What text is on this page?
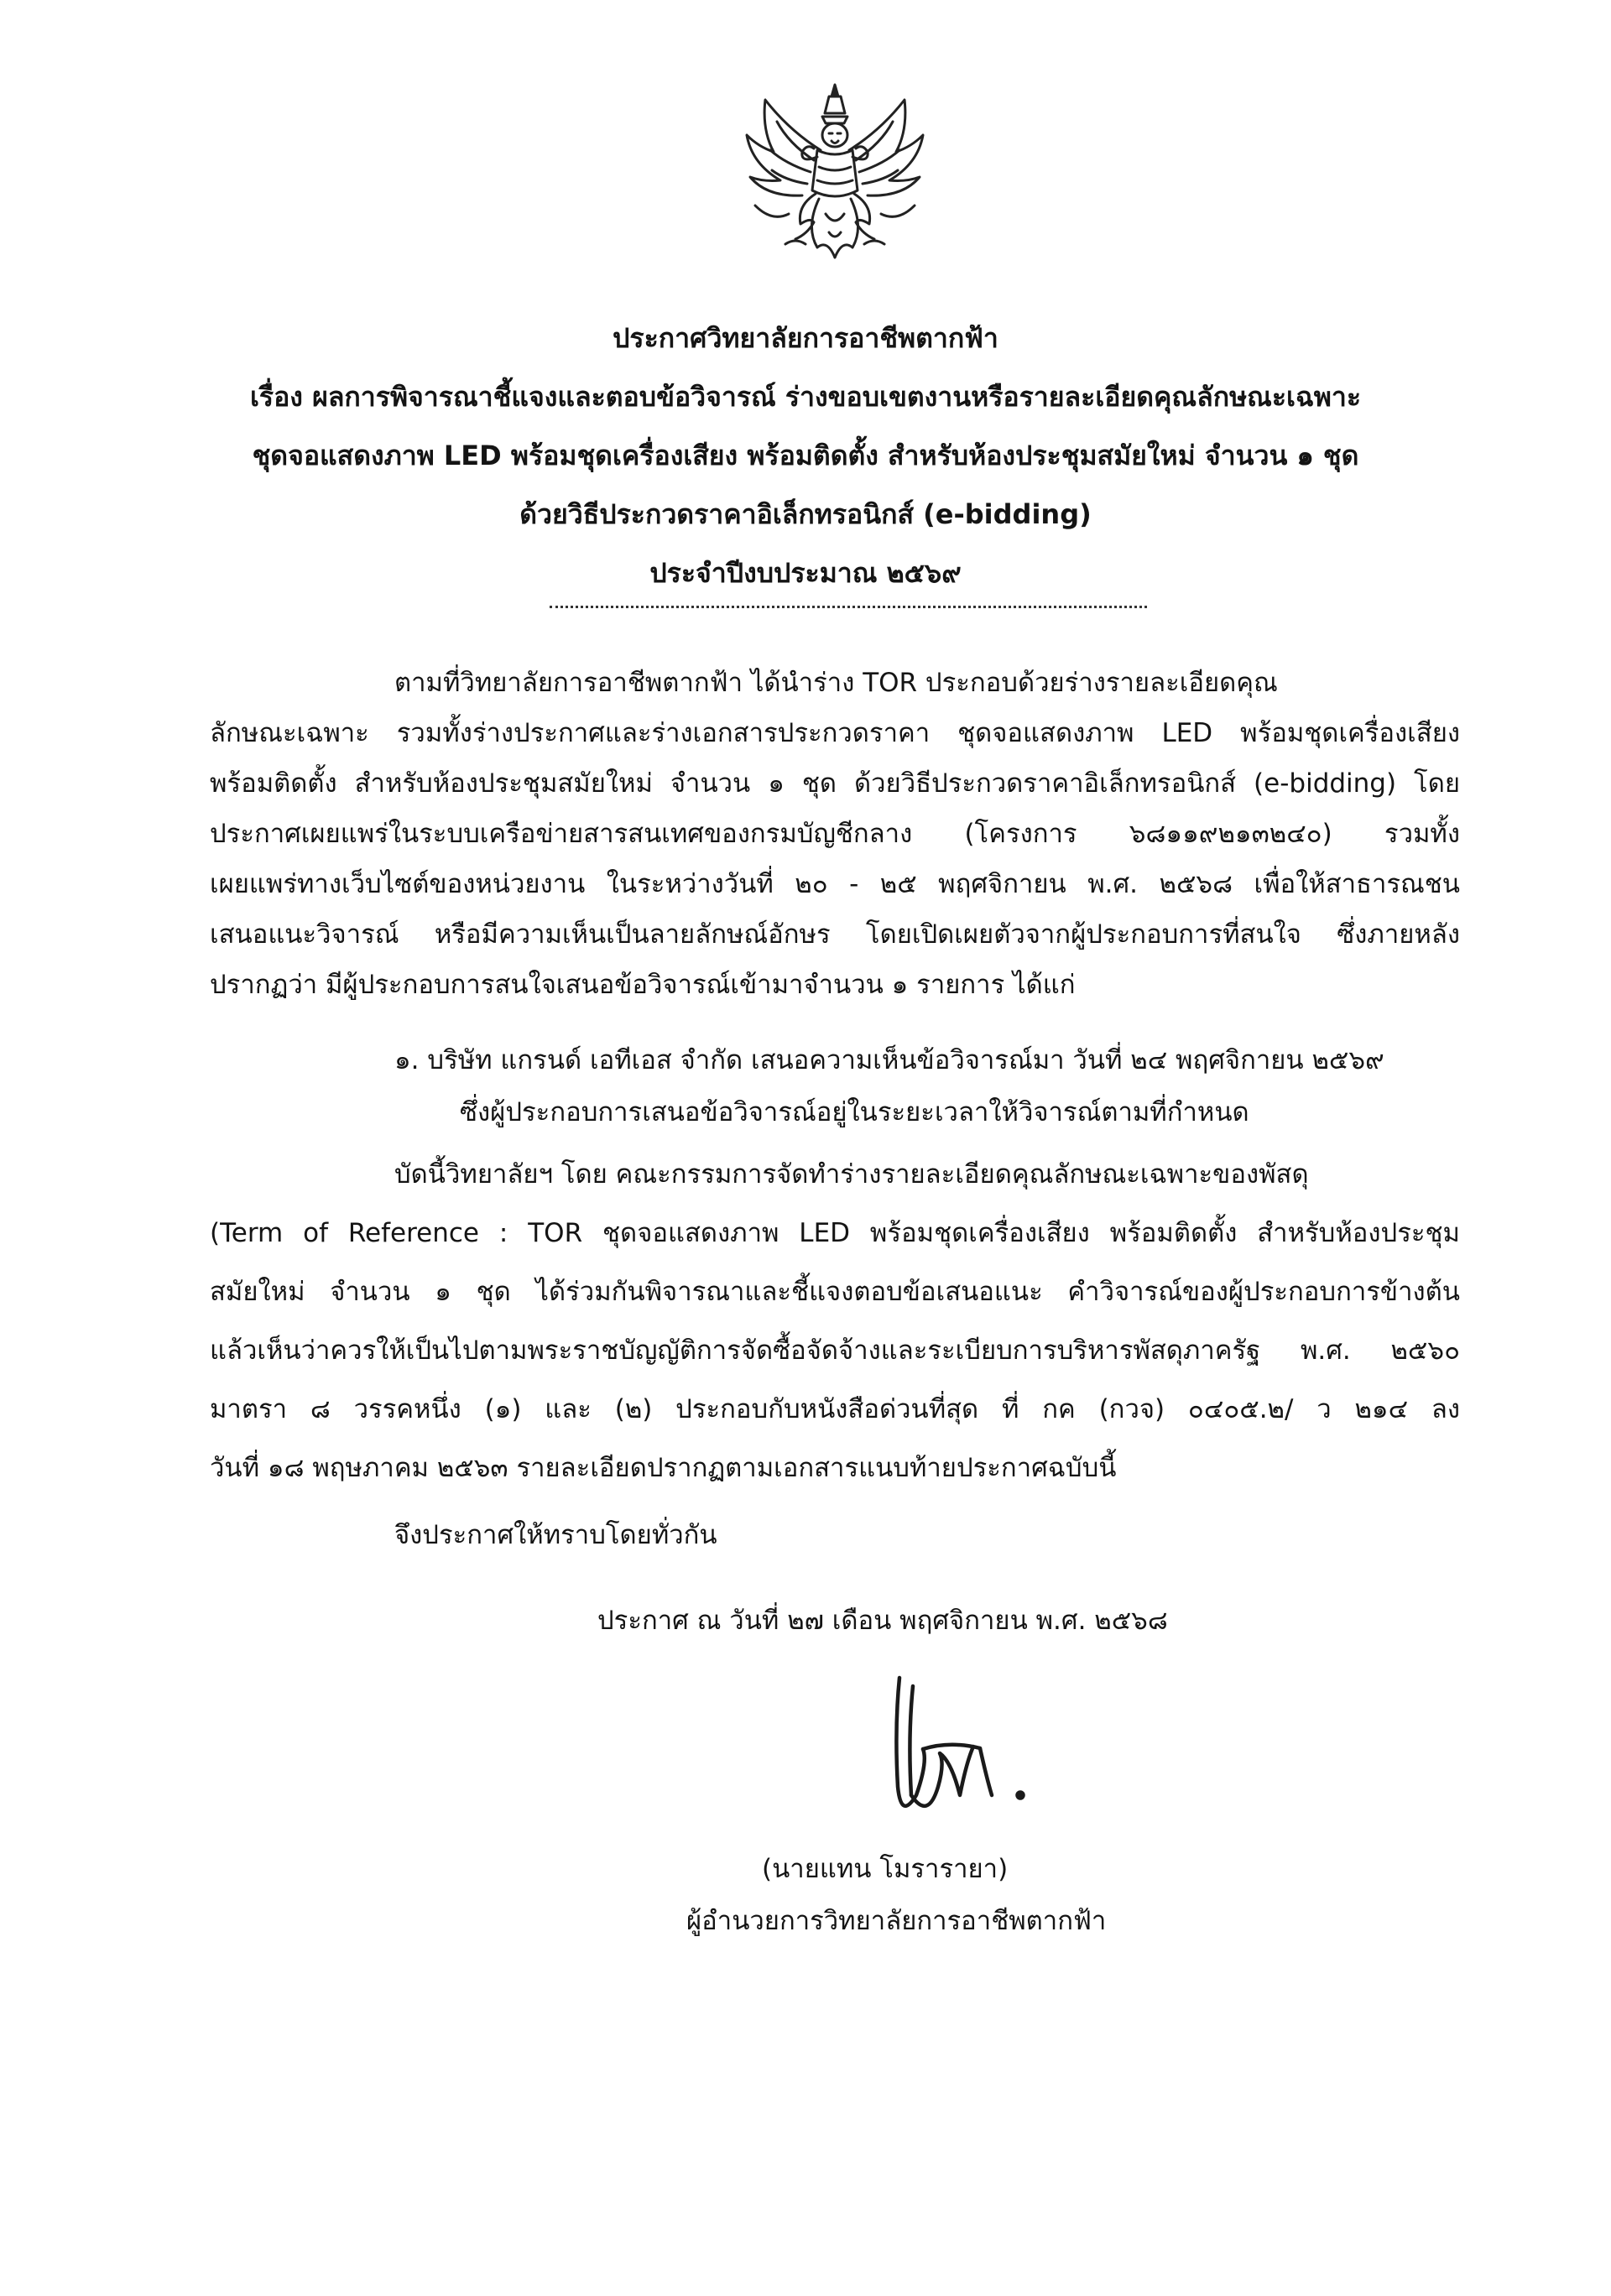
ประกาศวิทยาลัยการอาชีพตากฟ้า
เรื่อง ผลการพิจารณาชี้แจงและตอบข้อวิจารณ์ ร่างขอบเขตงานหรือรายละเอียดคุณลักษณะเฉพาะ
ชุดจอแสดงภาพ LED พร้อมชุดเครื่องเสียง พร้อมติดตั้ง สำหรับห้องประชุมสมัยใหม่ จำนวน ๑ ชุด
ด้วยวิธีประกวดราคาอิเล็กทรอนิกส์ (e-bidding)
ประจำปีงบประมาณ ๒๕๖๙
ตามที่วิทยาลัยการอาชีพตากฟ้า ได้นำร่าง TOR ประกอบด้วยร่างรายละเอียดคุณ
ลักษณะเฉพาะ รวมทั้งร่างประกาศและร่างเอกสารประกวดราคา ชุดจอแสดงภาพ LED พร้อมชุดเครื่องเสียง
พร้อมติดตั้ง สำหรับห้องประชุมสมัยใหม่ จำนวน ๑ ชุด ด้วยวิธีประกวดราคาอิเล็กทรอนิกส์ (e-bidding) โดย
ประกาศเผยแพร่ในระบบเครือข่ายสารสนเทศของกรมบัญชีกลาง (โครงการ ๖๘๑๑๙๒๑๓๒๔๐) รวมทั้ง
เผยแพร่ทางเว็บไซต์ของหน่วยงาน ในระหว่างวันที่ ๒๐ - ๒๕ พฤศจิกายน พ.ศ. ๒๕๖๘ เพื่อให้สาธารณชน
เสนอแนะวิจารณ์ หรือมีความเห็นเป็นลายลักษณ์อักษร โดยเปิดเผยตัวจากผู้ประกอบการที่สนใจ ซึ่งภายหลัง
ปรากฏว่า มีผู้ประกอบการสนใจเสนอข้อวิจารณ์เข้ามาจำนวน ๑ รายการ ได้แก่
๑. บริษัท แกรนด์ เอทีเอส จำกัด เสนอความเห็นข้อวิจารณ์มา วันที่ ๒๔ พฤศจิกายน ๒๕๖๙
ซึ่งผู้ประกอบการเสนอข้อวิจารณ์อยู่ในระยะเวลาให้วิจารณ์ตามที่กำหนด
บัดนี้วิทยาลัยฯ โดย คณะกรรมการจัดทำร่างรายละเอียดคุณลักษณะเฉพาะของพัสดุ
(Term of Reference : TOR ชุดจอแสดงภาพ LED พร้อมชุดเครื่องเสียง พร้อมติดตั้ง สำหรับห้องประชุม
สมัยใหม่ จำนวน ๑ ชุด ได้ร่วมกันพิจารณาและชี้แจงตอบข้อเสนอแนะ คำวิจารณ์ของผู้ประกอบการข้างต้น
แล้วเห็นว่าควรให้เป็นไปตามพระราชบัญญัติการจัดซื้อจัดจ้างและระเบียบการบริหารพัสดุภาครัฐ พ.ศ. ๒๕๖๐
มาตรา ๘ วรรคหนึ่ง (๑) และ (๒) ประกอบกับหนังสือด่วนที่สุด ที่ กค (กวจ) ๐๔๐๕.๒/ ว ๒๑๔ ลง
วันที่ ๑๘ พฤษภาคม ๒๕๖๓ รายละเอียดปรากฏตามเอกสารแนบท้ายประกาศฉบับนี้
จึงประกาศให้ทราบโดยทั่วกัน
ประกาศ ณ วันที่ ๒๗ เดือน พฤศจิกายน พ.ศ. ๒๕๖๘
(นายแทน โมรารายา)
ผู้อำนวยการวิทยาลัยการอาชีพตากฟ้า
